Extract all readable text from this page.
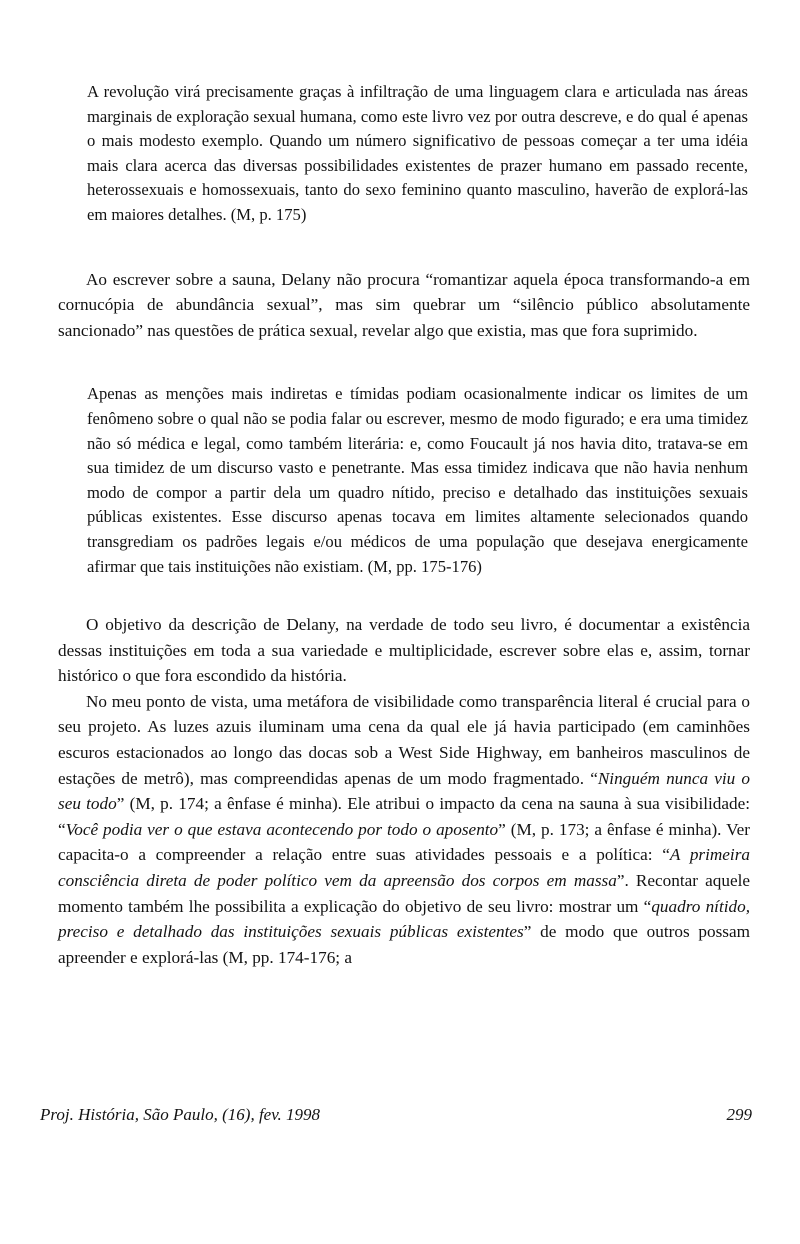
A revolução virá precisamente graças à infiltração de uma linguagem clara e articulada nas áreas marginais de exploração sexual humana, como este livro vez por outra descreve, e do qual é apenas o mais modesto exemplo. Quando um número significativo de pessoas começar a ter uma idéia mais clara acerca das diversas possibilidades existentes de prazer humano em passado recente, heterossexuais e homossexuais, tanto do sexo feminino quanto masculino, haverão de explorá-las em maiores detalhes. (M, p. 175)

Ao escrever sobre a sauna, Delany não procura “romantizar aquela época transformando-a em cornucópia de abundância sexual”, mas sim quebrar um “silêncio público absolutamente sancionado” nas questões de prática sexual, revelar algo que existia, mas que fora suprimido.

Apenas as menções mais indiretas e tímidas podiam ocasionalmente indicar os limites de um fenômeno sobre o qual não se podia falar ou escrever, mesmo de modo figurado; e era uma timidez não só médica e legal, como também literária: e, como Foucault já nos havia dito, tratava-se em sua timidez de um discurso vasto e penetrante. Mas essa timidez indicava que não havia nenhum modo de compor a partir dela um quadro nítido, preciso e detalhado das instituições sexuais públicas existentes. Esse discurso apenas tocava em limites altamente selecionados quando transgrediam os padrões legais e/ou médicos de uma população que desejava energicamente afirmar que tais instituições não existiam. (M, pp. 175-176)

O objetivo da descrição de Delany, na verdade de todo seu livro, é documentar a existência dessas instituições em toda a sua variedade e multiplicidade, escrever sobre elas e, assim, tornar histórico o que fora escondido da história.

No meu ponto de vista, uma metáfora de visibilidade como transparência literal é crucial para o seu projeto. As luzes azuis iluminam uma cena da qual ele já havia participado (em caminhões escuros estacionados ao longo das docas sob a West Side Highway, em banheiros masculinos de estações de metrô), mas compreendidas apenas de um modo fragmentado. “Ninguém nunca viu o seu todo” (M, p. 174; a ênfase é minha). Ele atribui o impacto da cena na sauna à sua visibilidade: “Você podia ver o que estava acontecendo por todo o aposento” (M, p. 173; a ênfase é minha). Ver capacita-o a compreender a relação entre suas atividades pessoais e a política: “A primeira consciência direta de poder político vem da apreensão dos corpos em massa”. Recontar aquele momento também lhe possibilita a explicação do objetivo de seu livro: mostrar um “quadro nítido, preciso e detalhado das instituições sexuais públicas existentes” de modo que outros possam apreender e explorá-las (M, pp. 174-176; a

Proj. História, São Paulo, (16), fev. 1998	299
